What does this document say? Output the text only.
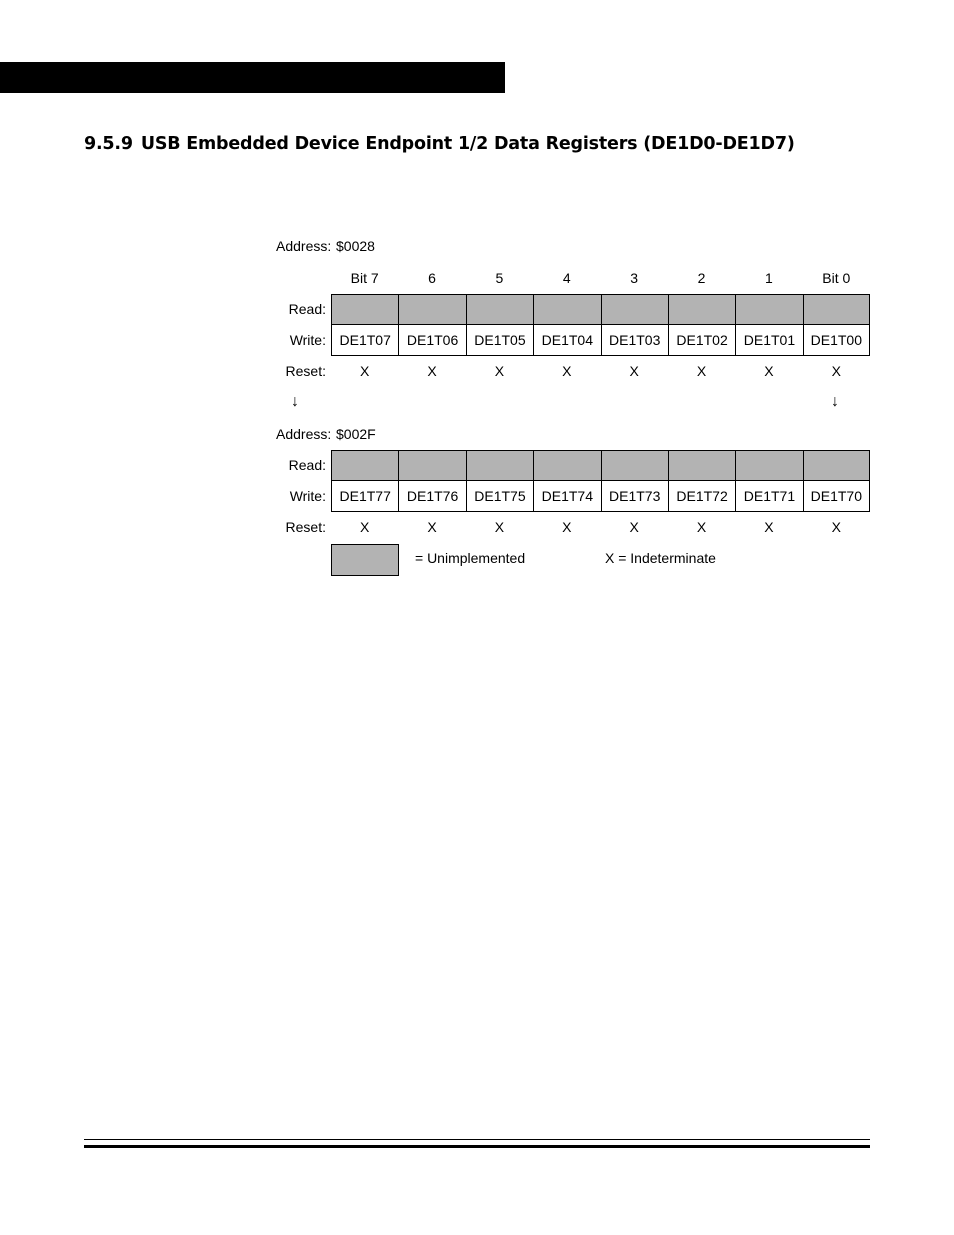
9.5.9 USB Embedded Device Endpoint 1/2 Data Registers (DE1D0-DE1D7)
Address: $0028
Bit 7	6	5	4	3	2	1	Bit 0
Read:
Write: DE1T07	DE1T06	DE1T05	DE1T04	DE1T03	DE1T02	DE1T01	DE1T00
Reset:	X	X	X	X	X	X	X	X
↓	↓
Address: $002F
Read:
Write: DE1T77	DE1T76	DE1T75	DE1T74	DE1T73	DE1T72	DE1T71	DE1T70
Reset:	X	X	X	X	X	X	X	X
= Unimplemented	X = Indeterminate
